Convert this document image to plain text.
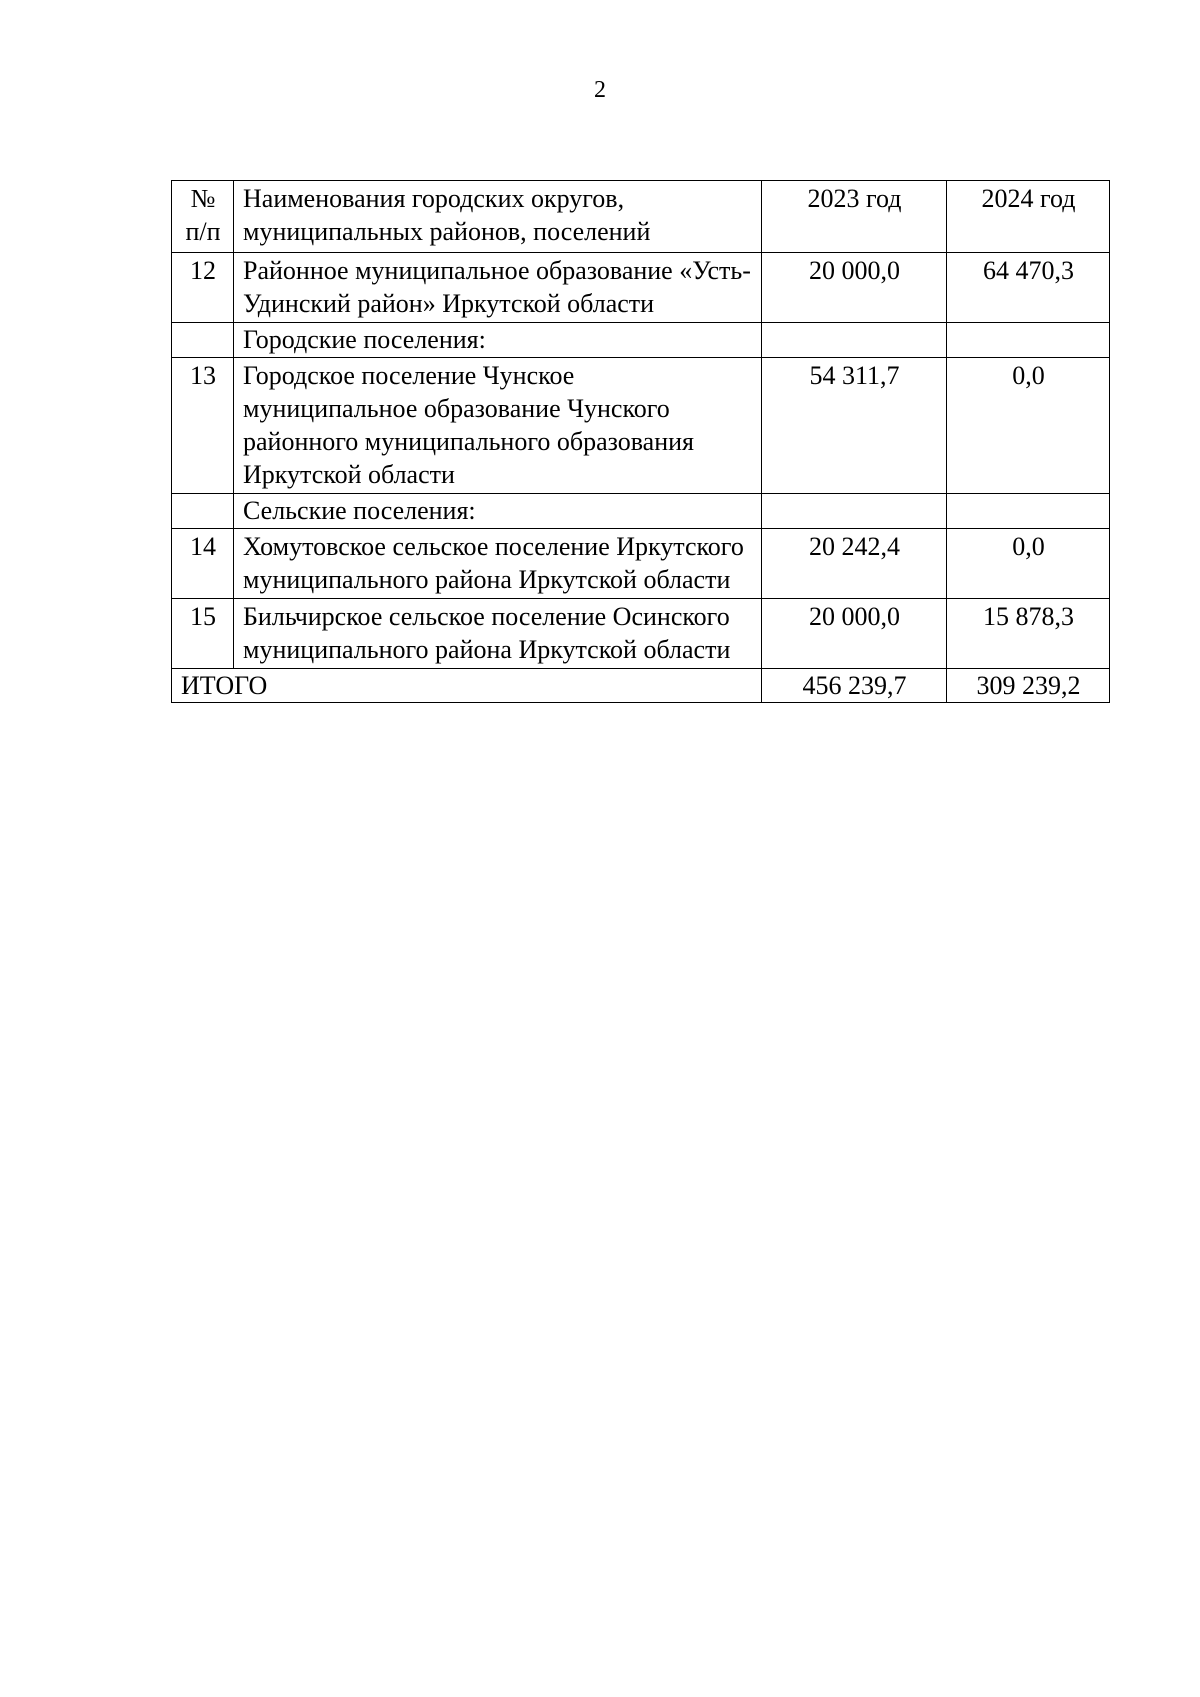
2
№ п/п	Наименования городских округов, муниципальных районов, поселений	2023 год	2024 год
12	Районное муниципальное образование «Усть-Удинский район» Иркутской области	20 000,0	64 470,3
	Городские поселения:		
13	Городское поселение Чунское муниципальное образование Чунского районного муниципального образования Иркутской области	54 311,7	0,0
	Сельские поселения:		
14	Хомутовское сельское поселение Иркутского муниципального района Иркутской области	20 242,4	0,0
15	Бильчирское сельское поселение Осинского муниципального района Иркутской области	20 000,0	15 878,3
ИТОГО		456 239,7	309 239,2
